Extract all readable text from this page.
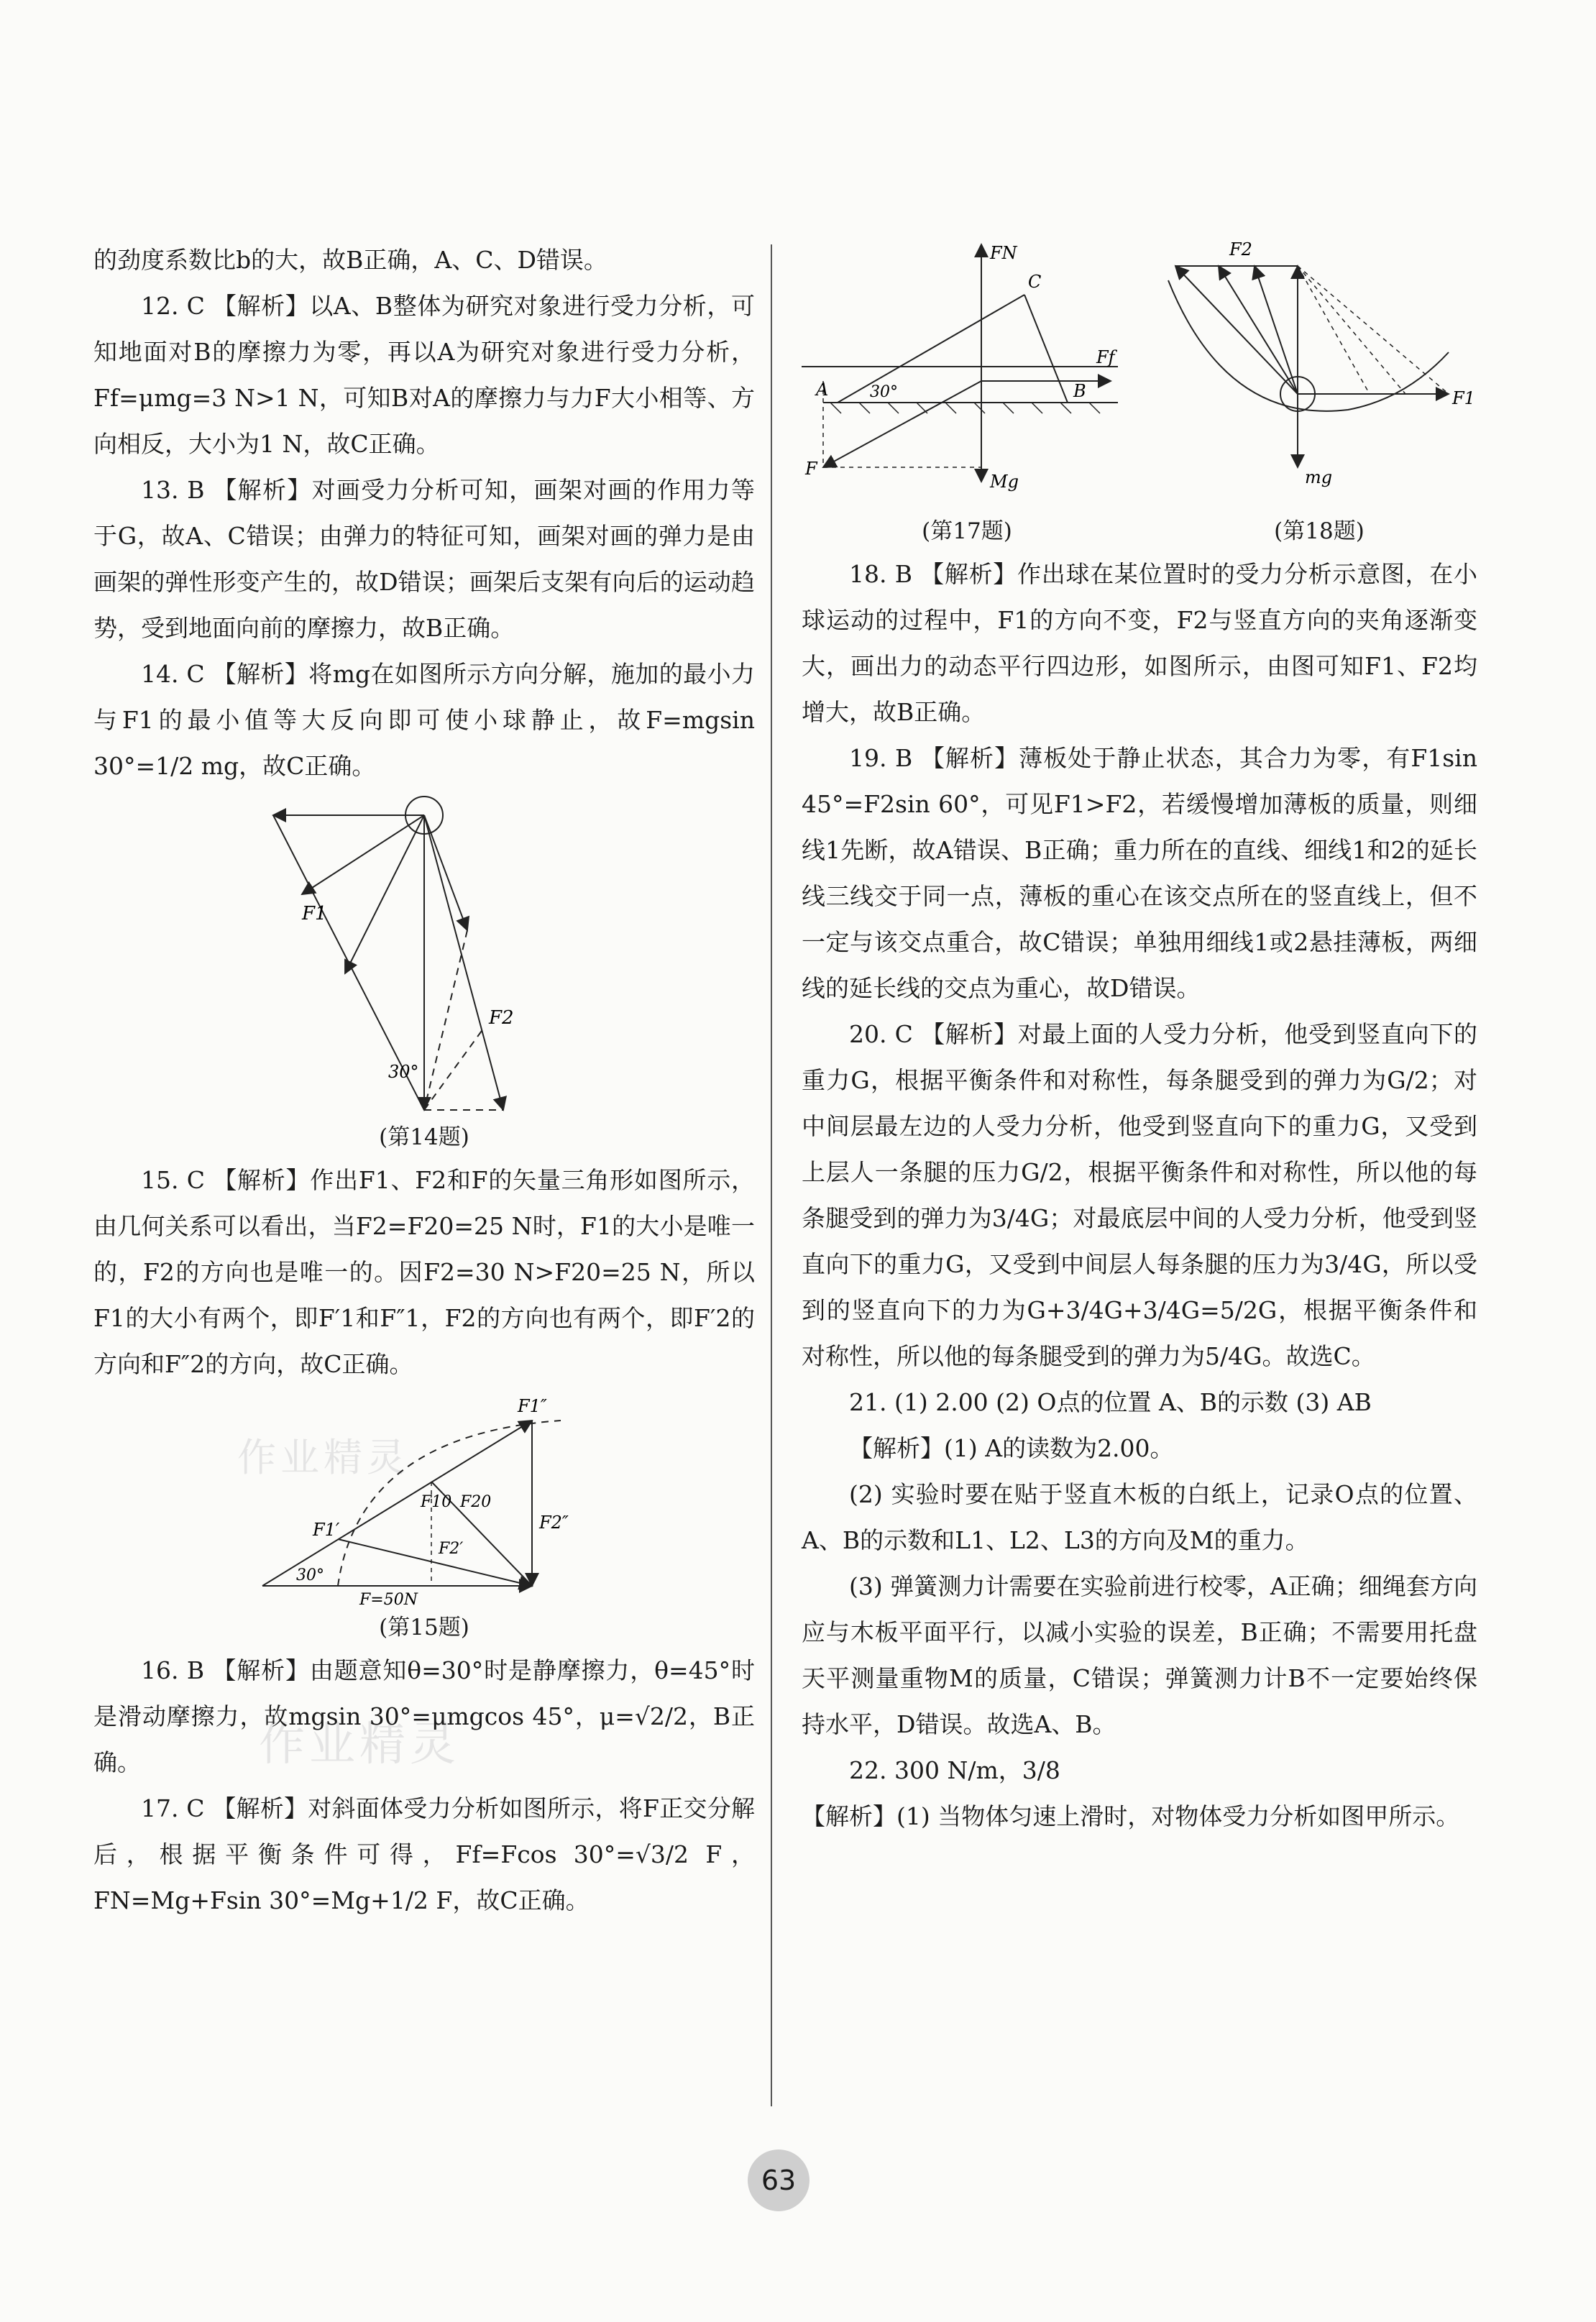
作业精灵
作业精灵

的劲度系数比b的大，故B正确，A、C、D错误。

12. C 【解析】以A、B整体为研究对象进行受力分析，可知地面对B的摩擦力为零，再以A为研究对象进行受力分析，Ff=μmg=3 N>1 N，可知B对A的摩擦力与力F大小相等、方向相反，大小为1 N，故C正确。

13. B 【解析】对画受力分析可知，画架对画的作用力等于G，故A、C错误；由弹力的特征可知，画架对画的弹力是由画架的弹性形变产生的，故D错误；画架后支架有向后的运动趋势，受到地面向前的摩擦力，故B正确。

14. C 【解析】将mg在如图所示方向分解，施加的最小力与F1的最小值等大反向即可使小球静止，故F=mgsin 30°=1/2 mg，故C正确。

F1
F2
30°
(第14题)

15. C 【解析】作出F1、F2和F的矢量三角形如图所示，由几何关系可以看出，当F2=F20=25 N时，F1的大小是唯一的，F2的方向也是唯一的。因F2=30 N>F20=25 N，所以F1的大小有两个，即F′1和F″1，F2的方向也有两个，即F′2的方向和F″2的方向，故C正确。

F1″
F1′
F10 F20
F2′
F2″
30°
F=50N
(第15题)

16. B 【解析】由题意知θ=30°时是静摩擦力，θ=45°时是滑动摩擦力，故mgsin 30°=μmgcos 45°，μ=√2/2，B正确。

17. C 【解析】对斜面体受力分析如图所示，将F正交分解后，根据平衡条件可得，Ff=Fcos 30°=√3/2 F，FN=Mg+Fsin 30°=Mg+1/2 F，故C正确。

FN
C
Ff
A	30°	B
F
Mg
(第17题)
F2
F1
mg
(第18题)

18. B 【解析】作出球在某位置时的受力分析示意图，在小球运动的过程中，F1的方向不变，F2与竖直方向的夹角逐渐变大，画出力的动态平行四边形，如图所示，由图可知F1、F2均增大，故B正确。

19. B 【解析】薄板处于静止状态，其合力为零，有F1sin 45°=F2sin 60°，可见F1>F2，若缓慢增加薄板的质量，则细线1先断，故A错误、B正确；重力所在的直线、细线1和2的延长线三线交于同一点，薄板的重心在该交点所在的竖直线上，但不一定与该交点重合，故C错误；单独用细线1或2悬挂薄板，两细线的延长线的交点为重心，故D错误。

20. C 【解析】对最上面的人受力分析，他受到竖直向下的重力G，根据平衡条件和对称性，每条腿受到的弹力为G/2；对中间层最左边的人受力分析，他受到竖直向下的重力G，又受到上层人一条腿的压力G/2，根据平衡条件和对称性，所以他的每条腿受到的弹力为3/4G；对最底层中间的人受力分析，他受到竖直向下的重力G，又受到中间层人每条腿的压力为3/4G，所以受到的竖直向下的力为G+3/4G+3/4G=5/2G，根据平衡条件和对称性，所以他的每条腿受到的弹力为5/4G。故选C。

21. (1) 2.00 (2) O点的位置 A、B的示数 (3) AB

【解析】(1) A的读数为2.00。

(2) 实验时要在贴于竖直木板的白纸上，记录O点的位置、A、B的示数和L1、L2、L3的方向及M的重力。

(3) 弹簧测力计需要在实验前进行校零，A正确；细绳套方向应与木板平面平行，以减小实验的误差，B正确；不需要用托盘天平测量重物M的质量，C错误；弹簧测力计B不一定要始终保持水平，D错误。故选A、B。

22. 300 N/m，3/8

【解析】(1) 当物体匀速上滑时，对物体受力分析如图甲所示。

63
